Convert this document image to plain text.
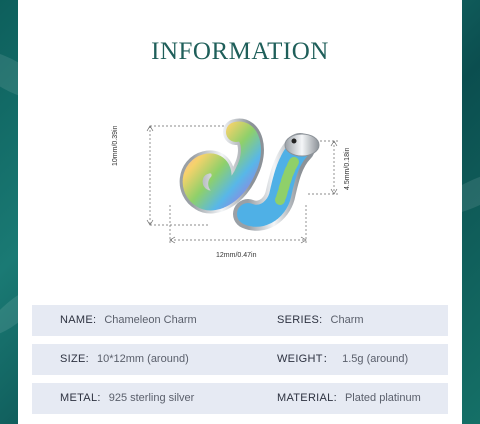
INFORMATION
10mm/0.39in
12mm/0.47in
4.5mm/0.18in
NAME: Chameleon Charm	SERIES: Charm
SIZE: 10*12mm (around)	WEIGHT： 1.5g (around)
METAL: 925 sterling silver	MATERIAL: Plated platinum
